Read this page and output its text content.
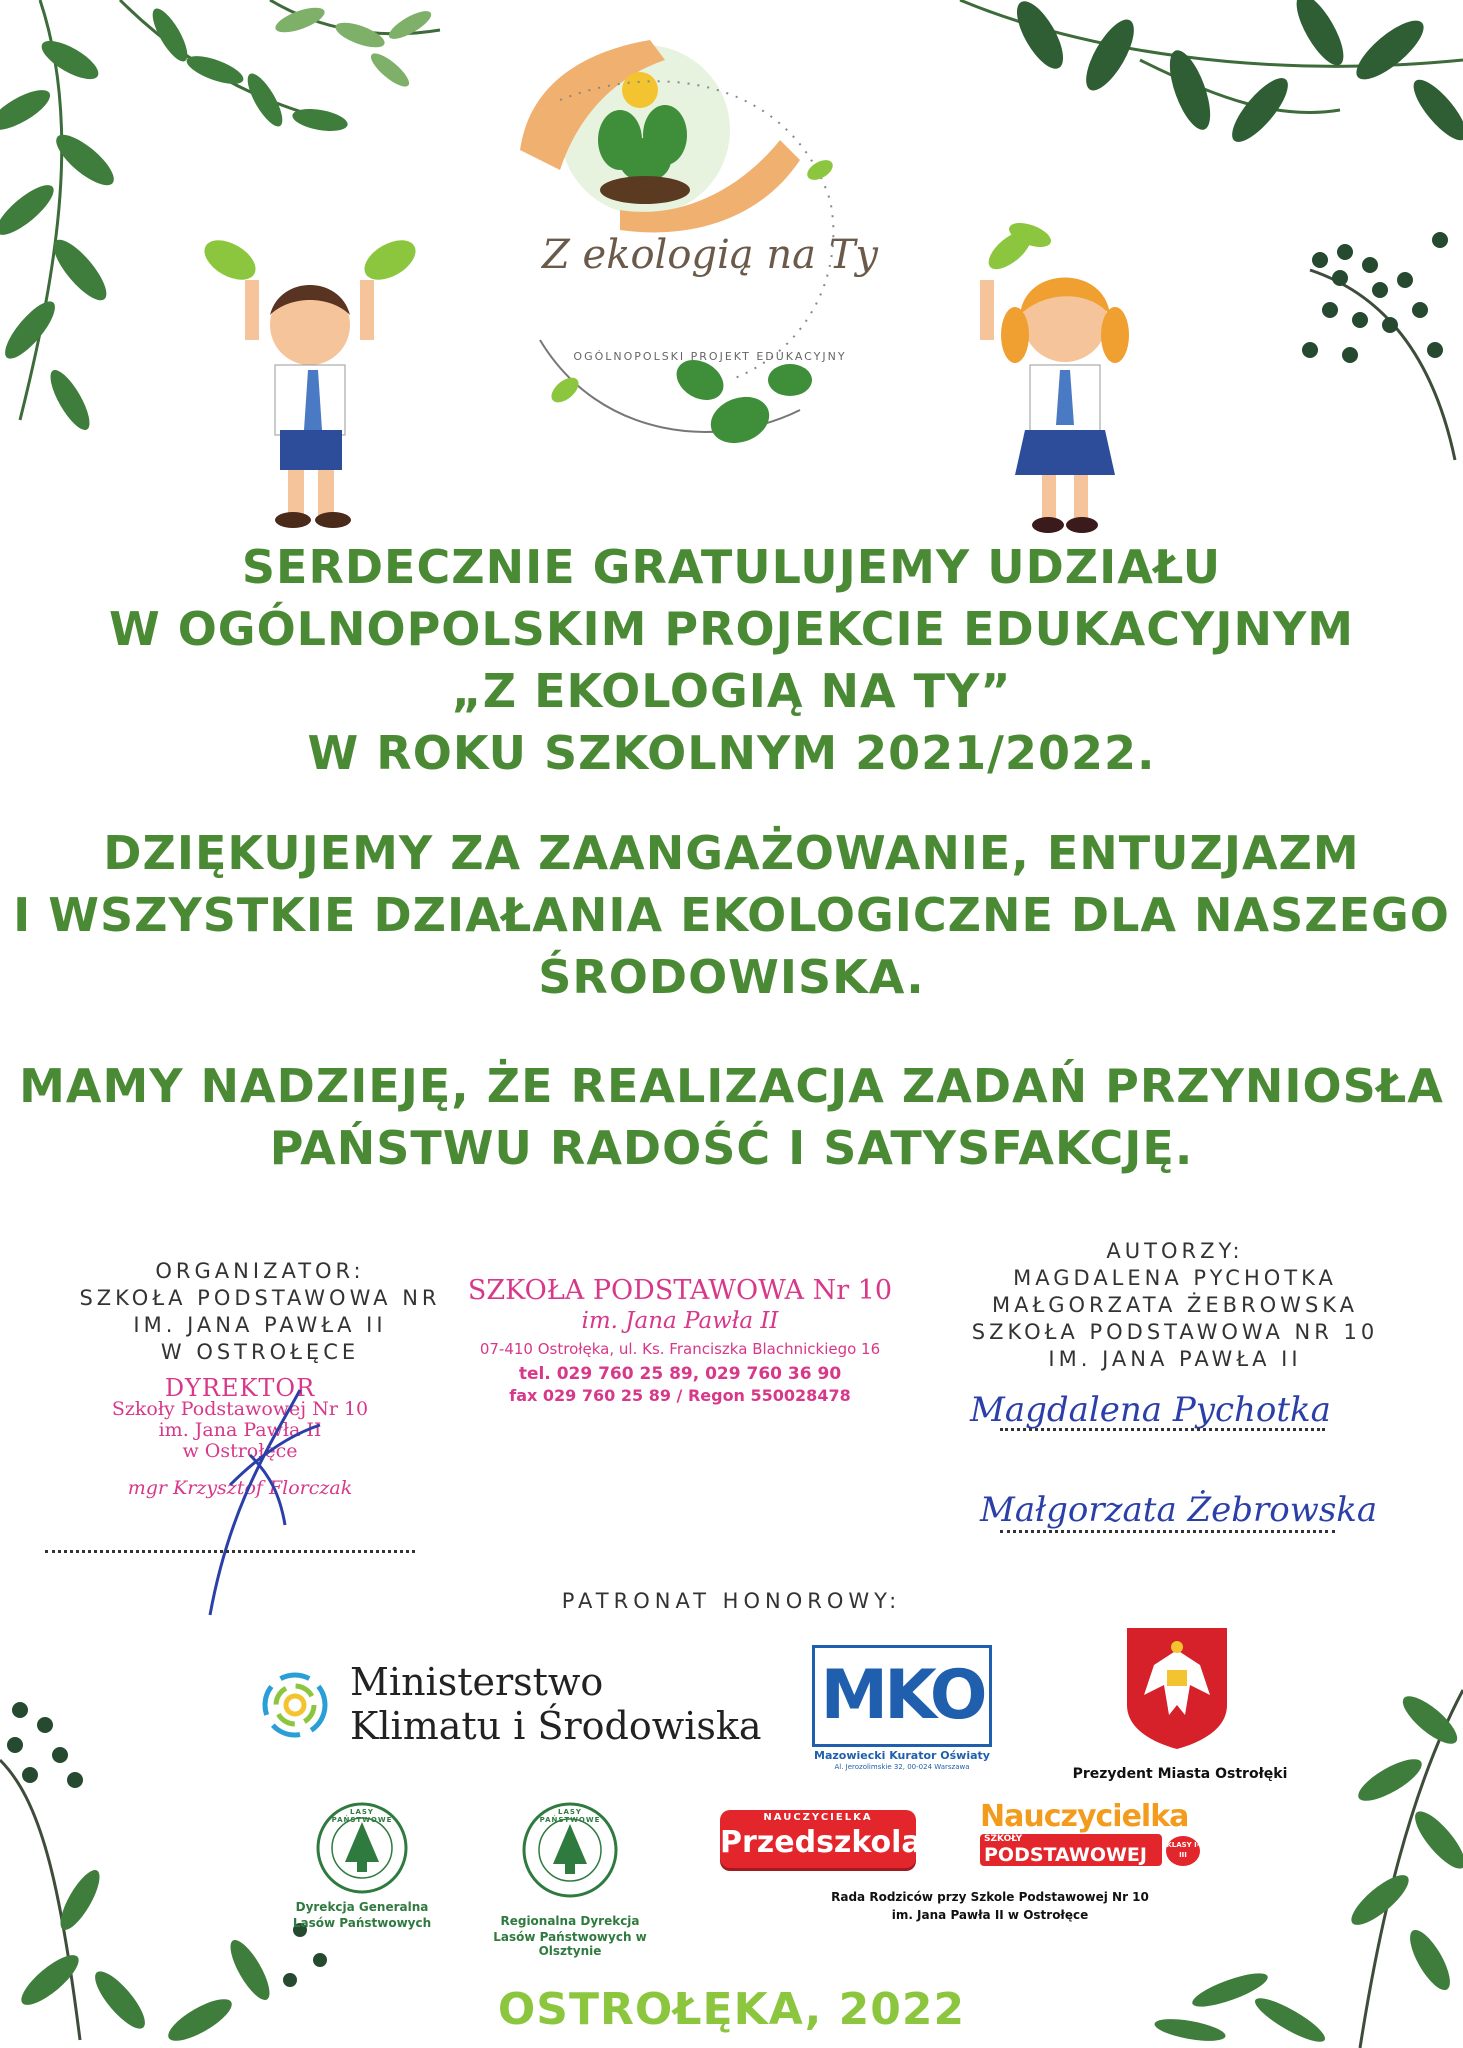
Z ekologią na Ty
OGÓLNOPOLSKI PROJEKT EDUKACYJNY
SERDECZNIE GRATULUJEMY UDZIAŁU
W OGÓLNOPOLSKIM PROJEKCIE EDUKACYJNYM
„Z EKOLOGIĄ NA TY”
W ROKU SZKOLNYM 2021/2022.
DZIĘKUJEMY ZA ZAANGAŻOWANIE, ENTUZJAZM
I WSZYSTKIE DZIAŁANIA EKOLOGICZNE DLA NASZEGO
ŚRODOWISKA.
MAMY NADZIEJĘ, ŻE REALIZACJA ZADAŃ PRZYNIOSŁA
PAŃSTWU RADOŚĆ I SATYSFAKCJĘ.
ORGANIZATOR:
SZKOŁA PODSTAWOWA NR
IM. JANA PAWŁA II
W OSTROŁĘCE
DYREKTOR
Szkoły Podstawowej Nr 10
im. Jana Pawła II
w Ostrołęce
mgr Krzysztof Florczak
SZKOŁA PODSTAWOWA Nr 10
im. Jana Pawła II
07-410 Ostrołęka, ul. Ks. Franciszka Blachnickiego 16
tel. 029 760 25 89, 029 760 36 90
fax 029 760 25 89 / Regon 550028478
AUTORZY:
MAGDALENA PYCHOTKA
MAŁGORZATA ŻEBROWSKA
SZKOŁA PODSTAWOWA NR 10
IM. JANA PAWŁA II
Magdalena Pychotka
Małgorzata Żebrowska
PATRONAT HONOROWY:
Ministerstwo
Klimatu i Środowiska MKO
Mazowiecki Kurator Oświaty
Al. Jerozolimskie 32, 00-024 Warszawa	Prezydent Miasta Ostrołęki
LASY PAŃSTWOWE
Dyrekcja Generalna
Lasów Państwowych
LASY PAŃSTWOWE
Regionalna Dyrekcja
Lasów Państwowych w Olsztynie
NAUCZYCIELKA
Przedszkola
Nauczycielka
SZKOŁY
PODSTAWOWEJ	KLASY I-III
Rada Rodziców przy Szkole Podstawowej Nr 10
im. Jana Pawła II w Ostrołęce
OSTROŁĘKA, 2022
